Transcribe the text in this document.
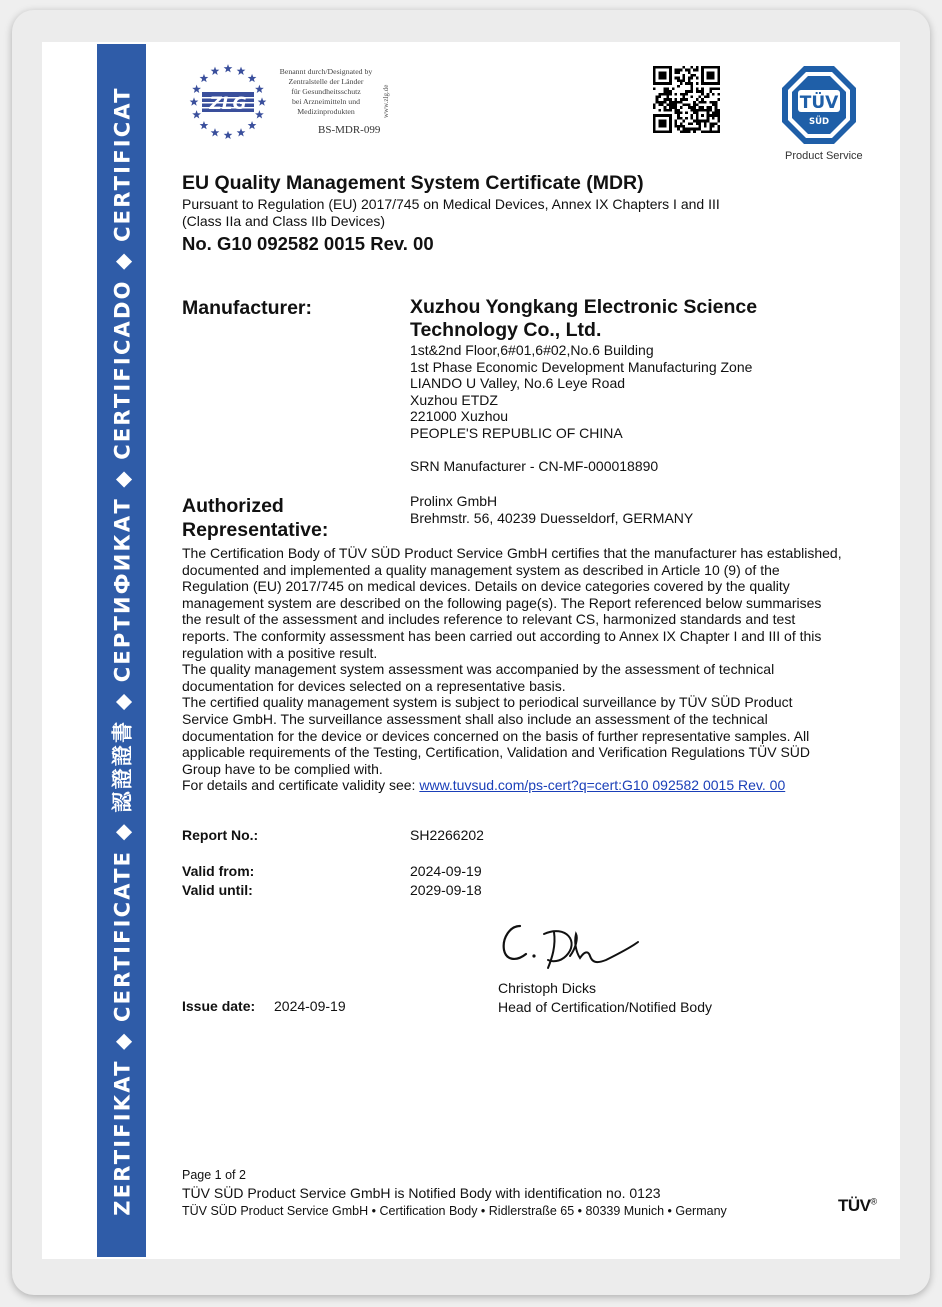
ZERTIFIKAT ◆ CERTIFICATE ◆ 認證證書 ◆ СЕРТИФИКАТ ◆ CERTIFICADO ◆ CERTIFICAT	ZLG
Benannt durch/Designated by
Zentralstelle der Länder
für Gesundheitsschutz
bei Arzneimitteln und
Medizinprodukten
BS-MDR-099
www.zlg.de	TÜV
SÜD
Product Service
EU Quality Management System Certificate (MDR)
Pursuant to Regulation (EU) 2017/745 on Medical Devices, Annex IX Chapters I and III
(Class IIa and Class IIb Devices)
No. G10 092582 0015 Rev. 00
Manufacturer:	Xuzhou Yongkang Electronic Science
Technology Co., Ltd.
1st&2nd Floor,6#01,6#02,No.6 Building
1st Phase Economic Development Manufacturing Zone
LIANDO U Valley, No.6 Leye Road
Xuzhou ETDZ
221000 Xuzhou
PEOPLE'S REPUBLIC OF CHINA
SRN Manufacturer - CN-MF-000018890
Authorized
Representative:
Prolinx GmbH
Brehmstr. 56, 40239 Duesseldorf, GERMANY

The Certification Body of TÜV SÜD Product Service GmbH certifies that the manufacturer has established, documented and implemented a quality management system as described in Article 10 (9) of the Regulation (EU) 2017/745 on medical devices. Details on device categories covered by the quality management system are described on the following page(s). The Report referenced below summarises the result of the assessment and includes reference to relevant CS, harmonized standards and test reports. The conformity assessment has been carried out according to Annex IX Chapter I and III of this regulation with a positive result.

The quality management system assessment was accompanied by the assessment of technical documentation for devices selected on a representative basis.

The certified quality management system is subject to periodical surveillance by TÜV SÜD Product Service GmbH. The surveillance assessment shall also include an assessment of the technical documentation for the device or devices concerned on the basis of further representative samples. All applicable requirements of the Testing, Certification, Validation and Verification Regulations TÜV SÜD Group have to be complied with.

For details and certificate validity see: www.tuvsud.com/ps-cert?q=cert:G10 092582 0015 Rev. 00

Report No.:	SH2266202
Valid from:	2024-09-19
Valid until:	2029-09-18
Christoph Dicks
Head of Certification/Notified Body
Issue date: 2024-09-19
Page 1 of 2
TÜV SÜD Product Service GmbH is Notified Body with identification no. 0123
TÜV SÜD Product Service GmbH • Certification Body • Ridlerstraße 65 • 80339 Munich • Germany	TÜV®
